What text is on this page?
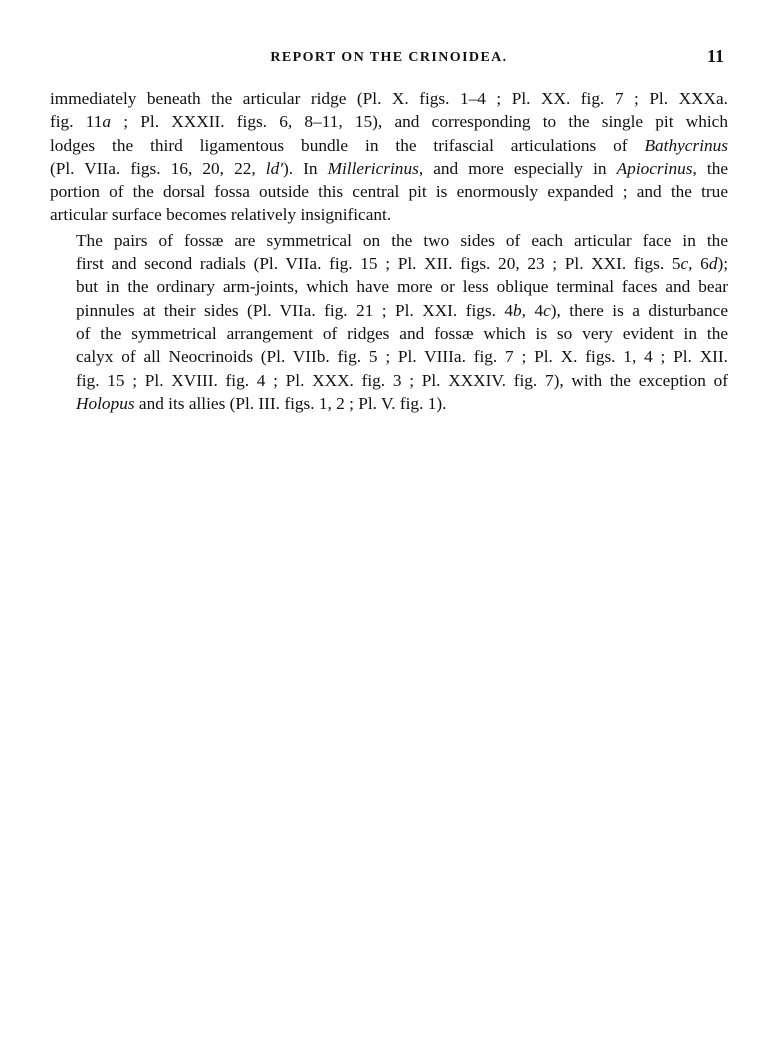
REPORT ON THE CRINOIDEA.	11

immediately beneath the articular ridge (Pl. X. figs. 1–4 ; Pl. XX. fig. 7 ; Pl. XXXa.
fig. 11a ; Pl. XXXII. figs. 6, 8–11, 15), and corresponding to the single pit which
lodges the third ligamentous bundle in the trifascial articulations of Bathycrinus
(Pl. VIIa. figs. 16, 20, 22, ld'). In Millericrinus, and more especially in Apiocrinus, the
portion of the dorsal fossa outside this central pit is enormously expanded ; and the true
articular surface becomes relatively insignificant.

The pairs of fossæ are symmetrical on the two sides of each articular face in the
first and second radials (Pl. VIIa. fig. 15 ; Pl. XII. figs. 20, 23 ; Pl. XXI. figs. 5c, 6d);
but in the ordinary arm-joints, which have more or less oblique terminal faces and bear
pinnules at their sides (Pl. VIIa. fig. 21 ; Pl. XXI. figs. 4b, 4c), there is a disturbance
of the symmetrical arrangement of ridges and fossæ which is so very evident in the
calyx of all Neocrinoids (Pl. VIIb. fig. 5 ; Pl. VIIIa. fig. 7 ; Pl. X. figs. 1, 4 ; Pl. XII.
fig. 15 ; Pl. XVIII. fig. 4 ; Pl. XXX. fig. 3 ; Pl. XXXIV. fig. 7), with the exception of
Holopus and its allies (Pl. III. figs. 1, 2 ; Pl. V. fig. 1).
